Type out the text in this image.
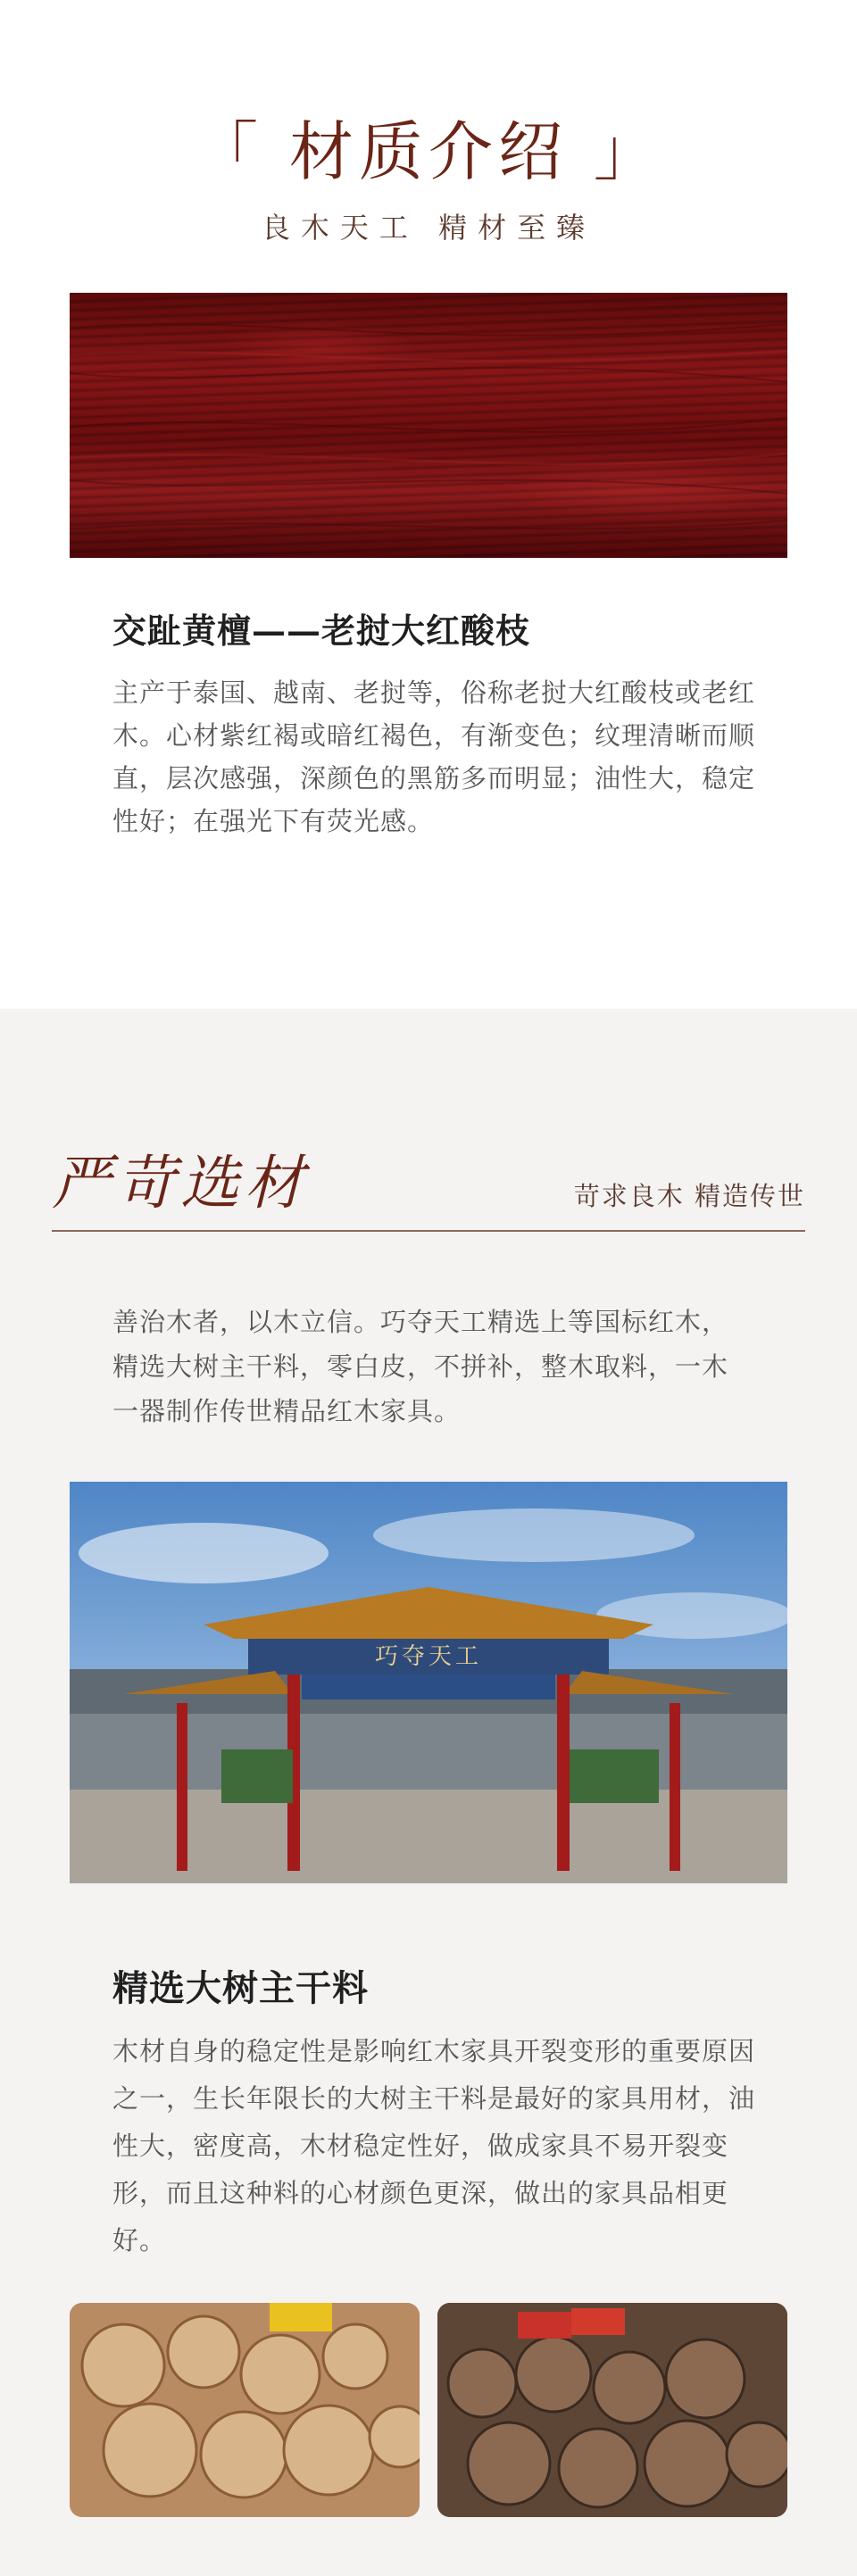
「 材质介绍 」
良木天工 精材至臻
交趾黄檀——老挝大红酸枝
主产于泰国、越南、老挝等，俗称老挝大红酸枝或老红木。心材紫红褐或暗红褐色，有渐变色；纹理清晰而顺直，层次感强，深颜色的黑筋多而明显；油性大，稳定性好；在强光下有荧光感。
严苛选材	苛求良木 精造传世
善治木者，以木立信。巧夺天工精选上等国标红木，精选大树主干料，零白皮，不拼补，整木取料，一木一器制作传世精品红木家具。
巧夺天工
精选大树主干料
木材自身的稳定性是影响红木家具开裂变形的重要原因之一，生长年限长的大树主干料是最好的家具用材，油性大，密度高，木材稳定性好，做成家具不易开裂变形，而且这种料的心材颜色更深，做出的家具品相更好。
